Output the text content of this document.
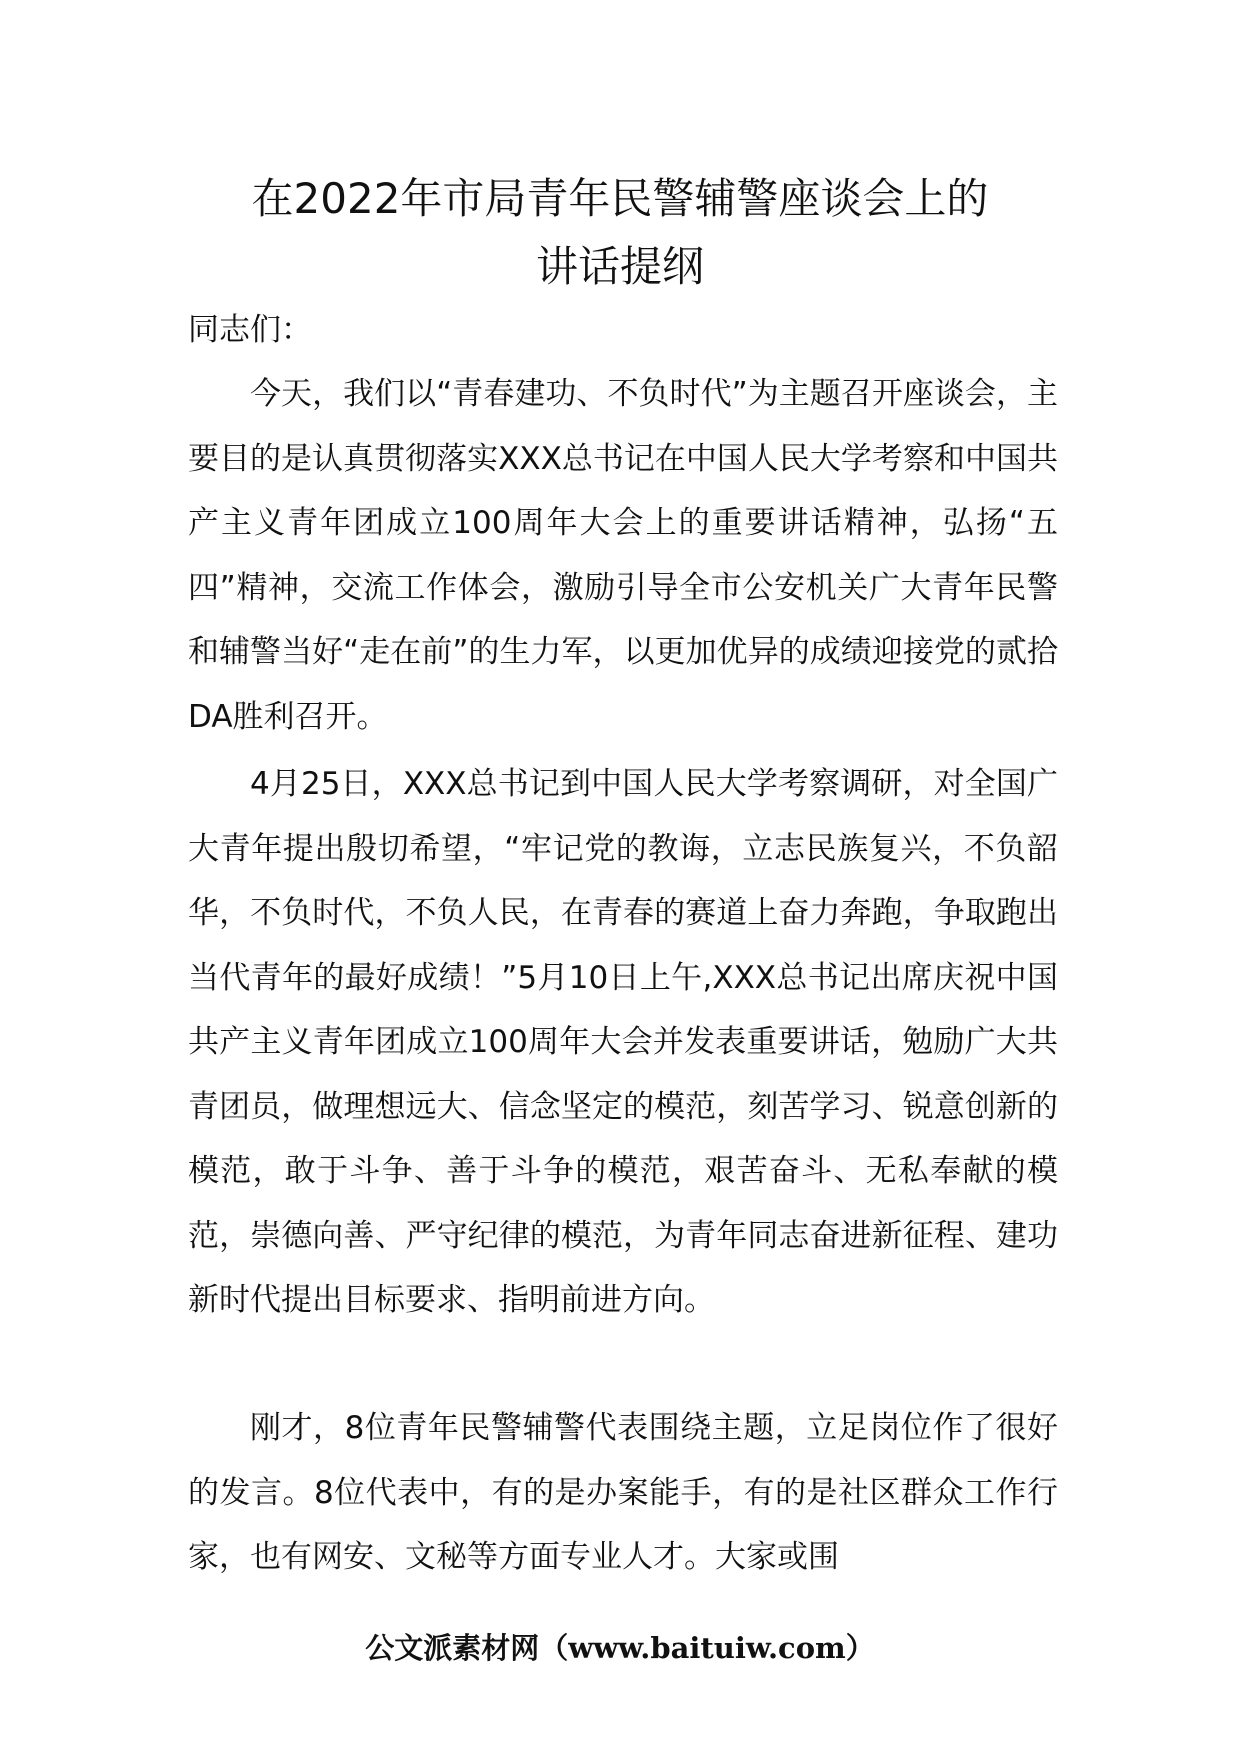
在2022年市局青年民警辅警座谈会上的
讲话提纲

同志们：

今天，我们以“青春建功、不负时代”为主题召开座谈会，主要目的是认真贯彻落实XXX总书记在中国人民大学考察和中国共产主义青年团成立100周年大会上的重要讲话精神，弘扬“五四”精神，交流工作体会，激励引导全市公安机关广大青年民警和辅警当好“走在前”的生力军，以更加优异的成绩迎接党的贰拾DA胜利召开。

4月25日，XXX总书记到中国人民大学考察调研，对全国广大青年提出殷切希望，“牢记党的教诲，立志民族复兴，不负韶华，不负时代，不负人民，在青春的赛道上奋力奔跑，争取跑出当代青年的最好成绩！”5月10日上午,XXX总书记出席庆祝中国共产主义青年团成立100周年大会并发表重要讲话，勉励广大共青团员，做理想远大、信念坚定的模范，刻苦学习、锐意创新的模范，敢于斗争、善于斗争的模范，艰苦奋斗、无私奉献的模范，崇德向善、严守纪律的模范，为青年同志奋进新征程、建功新时代提出目标要求、指明前进方向。

刚才，8位青年民警辅警代表围绕主题，立足岗位作了很好的发言。8位代表中，有的是办案能手，有的是社区群众工作行家，也有网安、文秘等方面专业人才。大家或围

公文派素材网（www.baituiw.com）
